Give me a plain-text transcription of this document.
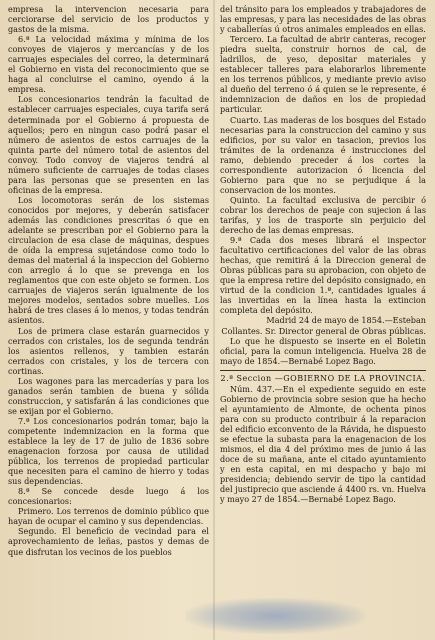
empresa la intervencion necesaria para cerciorarse del servicio de los productos y gastos de la misma.

6.ª La velocidad máxima y mínima de los convoyes de viajeros y mercancías y de los carruajes especiales del correo, la determinará el Gobierno en vista del reconocimiento que se haga al concluirse el camino, oyendo á la empresa.

Los concesionarios tendrán la facultad de establecer carruajes especiales, cuya tarifa será determinada por el Gobierno á propuesta de aquellos; pero en ningun caso podrá pasar el número de asientos de estos carruajes de la quinta parte del número total de asientos del convoy. Todo convoy de viajeros tendrá al número suficiente de carruajes de todas clases para las personas que se presenten en las oficinas de la empresa.

Los locomotoras serán de los sistemas conocidos por mejores, y deberán satisfacer además las condiciones prescritas ó que en adelante se prescriban por el Gobierno para la circulacion de esa clase de máquinas, despues de oída la empresa sujetándose como todo lo demas del material á la inspeccion del Gobierno con arreglo á lo que se prevenga en los reglamentos que con este objeto se formen. Los carruajes de viajeros serán igualmente de los mejores modelos, sentados sobre muelles. Los habrá de tres clases á lo menos, y todas tendrán asientos.

Los de primera clase estarán guarnecidos y cerrados con cristales, los de segunda tendrán los asientos rellenos, y tambien estarán cerrados con cristales, y los de tercera con cortinas.

Los wagones para las mercaderías y para los ganados serán tambien de buena y sólida construccion, y satisfarán á las condiciones que se exijan por el Gobierno.

7.ª Los concesionarios podrán tomar, bajo la competente indemnizacion en la forma que establece la ley de 17 de julio de 1836 sobre enagenacion forzosa por causa de utilidad pública, los terrenos de propiedad particular que necesiten para el camino de hierro y todas sus dependencias.

8.ª Se concede desde luego á los concesionarios:

Primero. Los terrenos de dominio público que hayan de ocupar el camino y sus dependencias.

Segundo. El beneficio de vecindad para el aprovechamiento de leñas, pastos y demas de que disfrutan los vecinos de los pueblos

del tránsito para los empleados y trabajadores de las empresas, y para las necesidades de las obras y caballerías ú otros animales empleados en ellas.

Tercero. La facultad de abrir canteras, recoger piedra suelta, construir hornos de cal, de ladrillos, de yeso, depositar materiales y establecer talleres para elaborarlos libremente en los terrenos públicos, y mediante previo aviso al dueño del terreno ó á quien se le represente, é indemnizacion de daños en los de propiedad particular.

Cuarto. Las maderas de los bosques del Estado necesarias para la construccion del camino y sus edificios, por su valor en tasacion, previos los trámites de la ordenanza é instrucciones del ramo, debiendo preceder á los cortes la correspondiente autorizacion ó licencia del Gobierno para que no se perjudique á la conservacion de los montes.

Quinto. La facultad exclusiva de percibir ó cobrar los derechos de peaje con sujecion á las tarifas, y los de trasporte sin perjuicio del derecho de las demas empresas.

9.ª Cada dos meses librará el inspector facultativo certificaciones del valor de las obras hechas, que remitirá á la Direccion general de Obras públicas para su aprobacion, con objeto de que la empresa retire del depósito consignado, en virtud de la condicion 1.ª, cantidades iguales á las invertidas en la línea hasta la extincion completa del depósito.

Madrid 24 de mayo de 1854.—Esteban Collantes. Sr. Director general de Obras públicas.

Lo que he dispuesto se inserte en el Boletin oficial, para la comun inteligencia. Huelva 28 de mayo de 1854.—Bernabé Lopez Bago.

2.ª Seccion —GOBIERNO DE LA PROVINCIA.

Núm. 437.—En el expediente seguido en este Gobierno de provincia sobre sesion que ha hecho el ayuntamiento de Almonte, de ochenta pinos para con su producto contribuir á la reparacion del edificio exconvento de la Rávida, he dispuesto se efectue la subasta para la enagenacion de los mismos, el dia 4 del próximo mes de junio á las doce de su mañana, ante el citado ayuntamiento y en esta capital, en mi despacho y bajo mi presidencia; debiendo servir de tipo la cantidad del justiprecio que asciende á 4400 rs. vn. Huelva y mayo 27 de 1854.—Bernabé Lopez Bago.
